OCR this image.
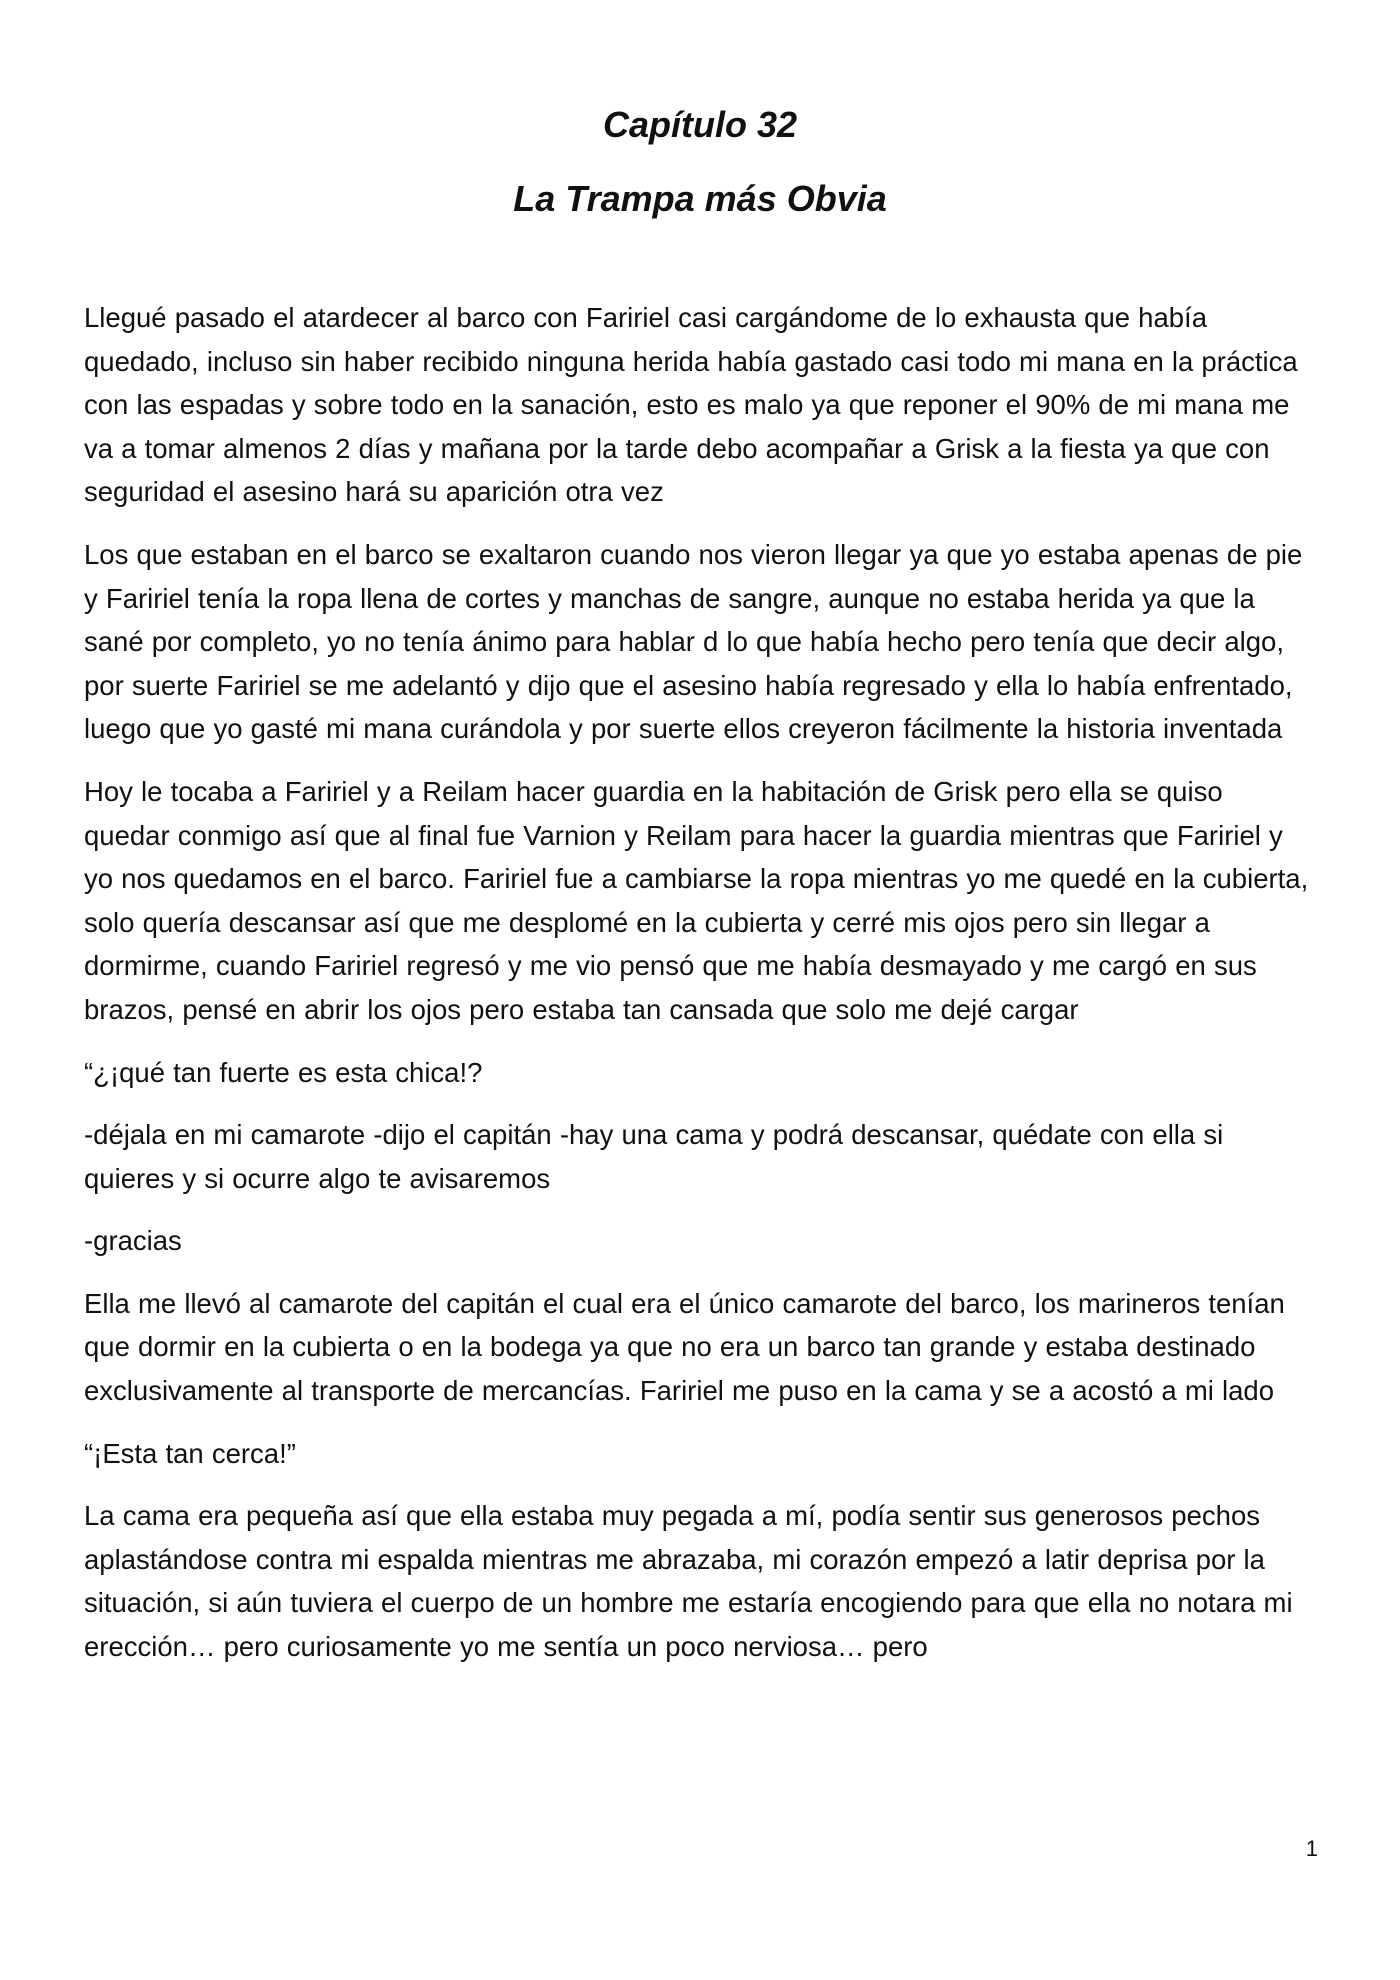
Capítulo 32
La Trampa más Obvia

Llegué pasado el atardecer al barco con Faririel casi cargándome de lo exhausta que había quedado, incluso sin haber recibido ninguna herida había gastado casi todo mi mana en la práctica con las espadas y sobre todo en la sanación, esto es malo ya que reponer el 90% de mi mana me va a tomar almenos 2 días y mañana por la tarde debo acompañar a Grisk a la fiesta ya que con seguridad el asesino hará su aparición otra vez

Los que estaban en el barco se exaltaron cuando nos vieron llegar ya que yo estaba apenas de pie y Faririel tenía la ropa llena de cortes y manchas de sangre, aunque no estaba herida ya que la sané por completo, yo no tenía ánimo para hablar d lo que había hecho pero tenía que decir algo, por suerte Faririel se me adelantó y dijo que el asesino había regresado y ella lo había enfrentado, luego que yo gasté mi mana curándola y por suerte ellos creyeron fácilmente la historia inventada

Hoy le tocaba a Faririel y a Reilam hacer guardia en la habitación de Grisk pero ella se quiso quedar conmigo así que al final fue Varnion y Reilam para hacer la guardia mientras que Faririel y yo nos quedamos en el barco. Faririel fue a cambiarse la ropa mientras yo me quedé en la cubierta, solo quería descansar así que me desplomé en la cubierta y cerré mis ojos pero sin llegar a dormirme, cuando Faririel regresó y me vio pensó que me había desmayado y me cargó en sus brazos, pensé en abrir los ojos pero estaba tan cansada que solo me dejé cargar

“¿¡qué tan fuerte es esta chica!?

-déjala en mi camarote -dijo el capitán -hay una cama y podrá descansar, quédate con ella si quieres y si ocurre algo te avisaremos

-gracias

Ella me llevó al camarote del capitán el cual era el único camarote del barco, los marineros tenían que dormir en la cubierta o en la bodega ya que no era un barco tan grande y estaba destinado exclusivamente al transporte de mercancías. Faririel me puso en la cama y se a acostó a mi lado

“¡Esta tan cerca!”

La cama era pequeña así que ella estaba muy pegada a mí, podía sentir sus generosos pechos aplastándose contra mi espalda mientras me abrazaba, mi corazón empezó a latir deprisa por la situación, si aún tuviera el cuerpo de un hombre me estaría encogiendo para que ella no notara mi erección… pero curiosamente yo me sentía un poco nerviosa… pero

1
